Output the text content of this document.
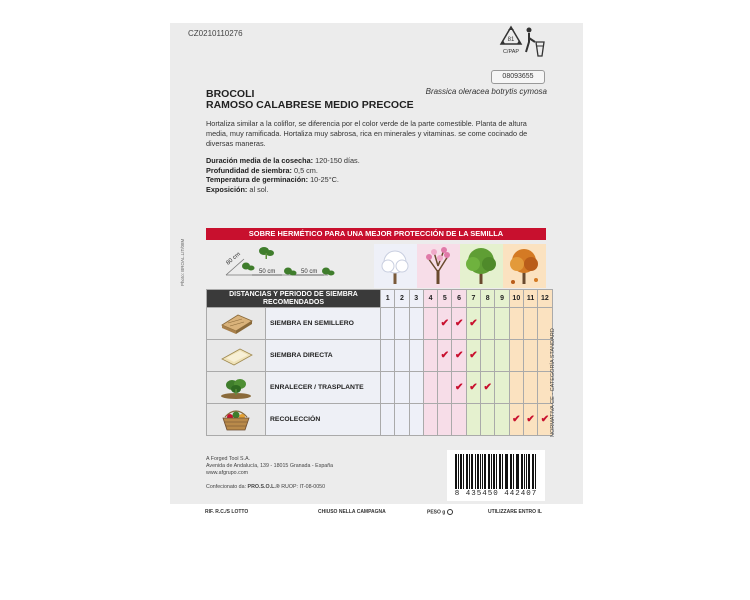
CZ0210110276
81
C/PAP
08093655
BROCOLI
RAMOSO CALABRESE MEDIO PRECOCE
Brassica oleracea botrytis cymosa
Hortaliza similar a la coliflor, se diferencia por el color verde de la parte comestible. Planta de altura media, muy ramificada. Hortaliza muy sabrosa, rica en minerales y vitaminas. se come cocinado de diversas maneras.
Duración media de la cosecha: 120-150 días.
Profundidad de siembra: 0,5 cm.
Temperatura de germinación: 10-25°C.
Exposición: al sol.
SOBRE HERMÉTICO PARA UNA MEJOR PROTECCIÓN DE LA SEMILLA
Photo: BROAL.LIT/08M	80 cm
50 cm	50 cm
DISTANCIAS Y PERIODO DE SIEMBRA RECOMENDADOS		1	2	3	4	5	6	7	8	9	10	11	12
	SIEMBRA EN SEMILLERO					✔	✔	✔					
	SIEMBRA DIRECTA					✔	✔	✔					
	ENRALECER / TRASPLANTE						✔	✔	✔				
	RECOLECCIÓN										✔	✔	✔ NORMATIVA CE - CATEGORÍA STANDARD
A Forged Tool S.A.
Avenida de Andalucía, 139 - 18015 Granada - España
www.afgrupo.com
Confecionato da: PRO.S.O.L.® RUOP: IT-08-0050
8 435450 442407
RIF. R.C./S LOTTO	CHIUSO NELLA CAMPAGNA	PESO g	UTILIZZARE ENTRO IL
